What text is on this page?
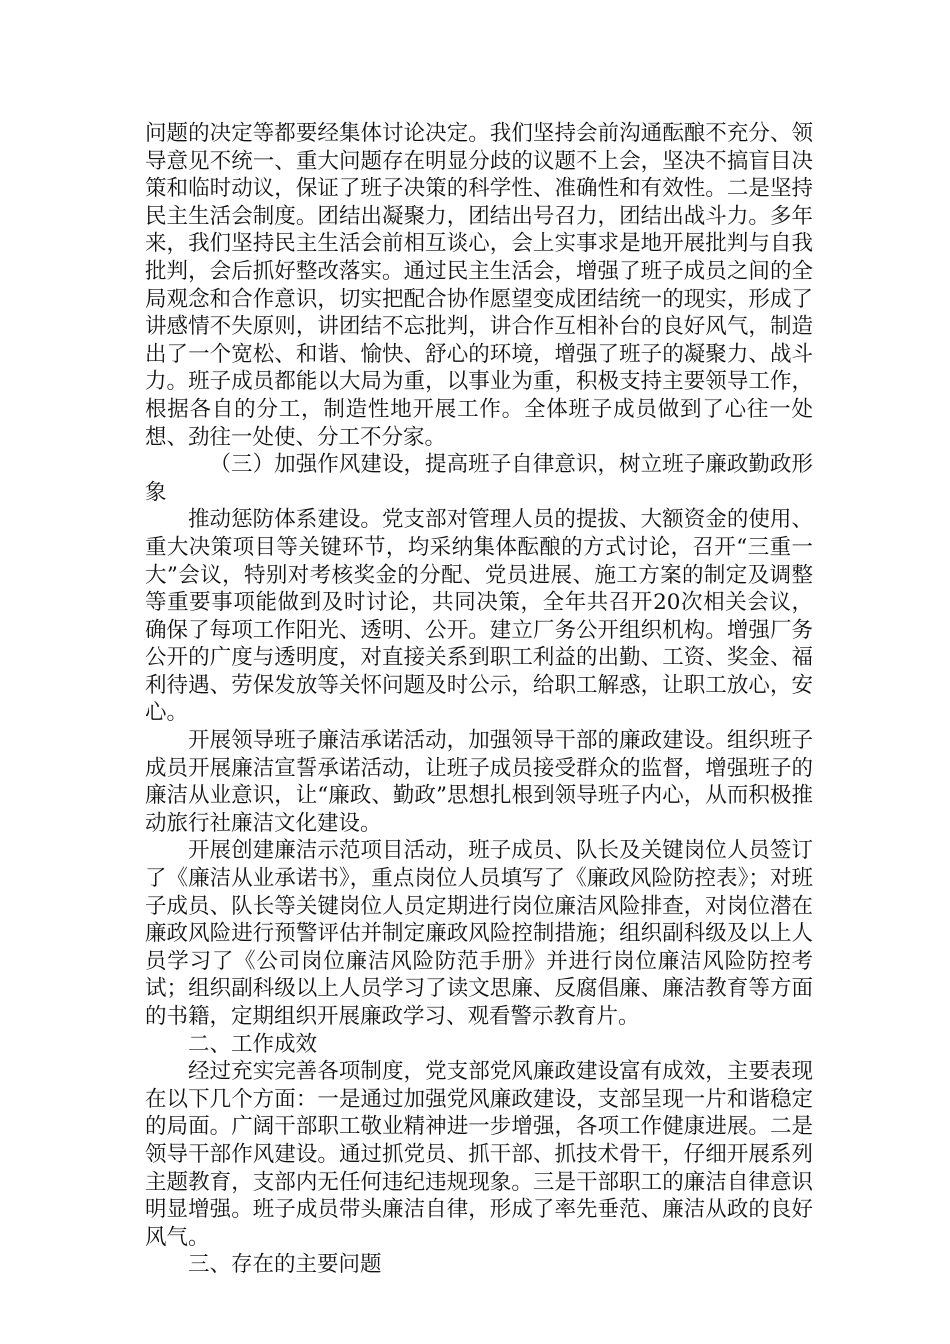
问题的决定等都要经集体讨论决定。我们坚持会前沟通酝酿不充分、领导意见不统一、重大问题存在明显分歧的议题不上会，坚决不搞盲目决策和临时动议，保证了班子决策的科学性、准确性和有效性。二是坚持民主生活会制度。团结出凝聚力，团结出号召力，团结出战斗力。多年来，我们坚持民主生活会前相互谈心，会上实事求是地开展批判与自我批判，会后抓好整改落实。通过民主生活会，增强了班子成员之间的全局观念和合作意识，切实把配合协作愿望变成团结统一的现实，形成了讲感情不失原则，讲团结不忘批判，讲合作互相补台的良好风气，制造出了一个宽松、和谐、愉快、舒心的环境，增强了班子的凝聚力、战斗力。班子成员都能以大局为重，以事业为重，积极支持主要领导工作，根据各自的分工，制造性地开展工作。全体班子成员做到了心往一处想、劲往一处使、分工不分家。

（三）加强作风建设，提高班子自律意识，树立班子廉政勤政形象

推动惩防体系建设。党支部对管理人员的提拔、大额资金的使用、重大决策项目等关键环节，均采纳集体酝酿的方式讨论，召开“三重一大”会议，特别对考核奖金的分配、党员进展、施工方案的制定及调整等重要事项能做到及时讨论，共同决策，全年共召开20次相关会议，确保了每项工作阳光、透明、公开。建立厂务公开组织机构。增强厂务公开的广度与透明度，对直接关系到职工利益的出勤、工资、奖金、福利待遇、劳保发放等关怀问题及时公示，给职工解惑，让职工放心，安心。

开展领导班子廉洁承诺活动，加强领导干部的廉政建设。组织班子成员开展廉洁宣誓承诺活动，让班子成员接受群众的监督，增强班子的廉洁从业意识，让“廉政、勤政”思想扎根到领导班子内心，从而积极推动旅行社廉洁文化建设。

开展创建廉洁示范项目活动，班子成员、队长及关键岗位人员签订了《廉洁从业承诺书》，重点岗位人员填写了《廉政风险防控表》；对班子成员、队长等关键岗位人员定期进行岗位廉洁风险排查，对岗位潜在廉政风险进行预警评估并制定廉政风险控制措施；组织副科级及以上人员学习了《公司岗位廉洁风险防范手册》并进行岗位廉洁风险防控考试；组织副科级以上人员学习了读文思廉、反腐倡廉、廉洁教育等方面的书籍，定期组织开展廉政学习、观看警示教育片。

二、工作成效

经过充实完善各项制度，党支部党风廉政建设富有成效，主要表现在以下几个方面：一是通过加强党风廉政建设，支部呈现一片和谐稳定的局面。广阔干部职工敬业精神进一步增强，各项工作健康进展。二是领导干部作风建设。通过抓党员、抓干部、抓技术骨干，仔细开展系列主题教育，支部内无任何违纪违规现象。三是干部职工的廉洁自律意识明显增强。班子成员带头廉洁自律，形成了率先垂范、廉洁从政的良好风气。

三、存在的主要问题
